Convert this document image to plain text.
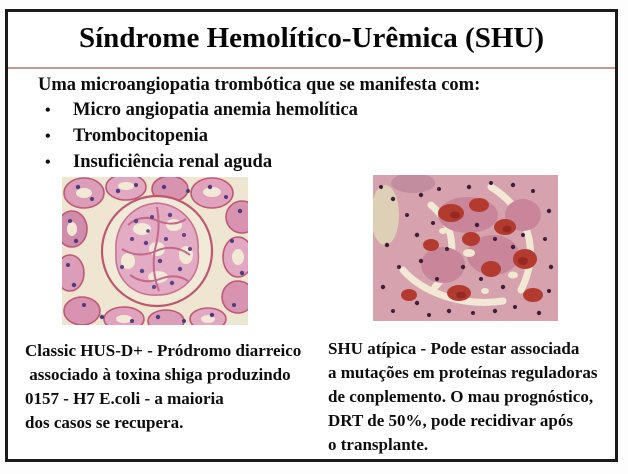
Síndrome Hemolítico-Urêmica (SHU)
Uma microangiopatia trombótica que se manifesta com:
•	Micro angiopatia anemia hemolítica
•	Trombocitopenia
•	Insuficiência renal aguda
Classic HUS-D+ - Pródromo diarreico
associado à toxina shiga produzindo
0157 - H7 E.coli - a maioria
dos casos se recupera.
SHU atípica - Pode estar associada
a mutações em proteínas reguladoras
de conplemento. O mau prognóstico,
DRT de 50%, pode recidivar após
o transplante.
